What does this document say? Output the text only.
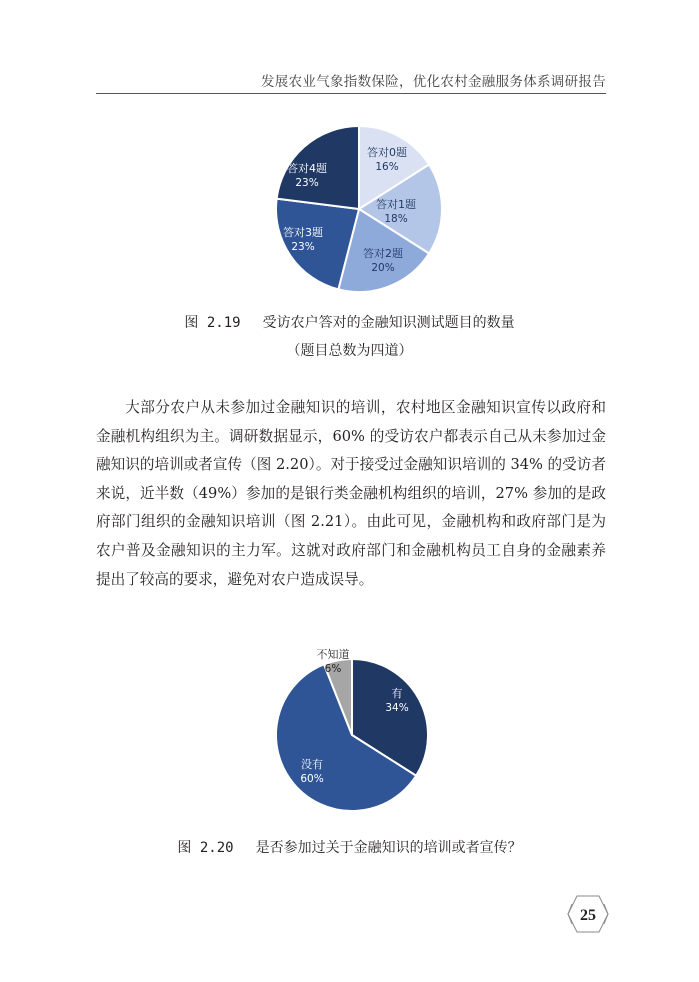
发展农业气象指数保险，优化农村金融服务体系调研报告
答对0题
16%
答对1题
18%
答对2题
20%
答对3题
23%
答对4题
23%
图 2.19 受访农户答对的金融知识测试题目的数量
（题目总数为四道）

大部分农户从未参加过金融知识的培训，农村地区金融知识宣传以政府和金融机构组织为主。调研数据显示，60% 的受访农户都表示自己从未参加过金融知识的培训或者宣传（图 2.20）。对于接受过金融知识培训的 34% 的受访者来说，近半数（49%）参加的是银行类金融机构组织的培训，27% 参加的是政府部门组织的金融知识培训（图 2.21）。由此可见，金融机构和政府部门是为农户普及金融知识的主力军。这就对政府部门和金融机构员工自身的金融素养提出了较高的要求，避免对农户造成误导。

有
34%
没有
60%
不知道
6%
图 2.20 是否参加过关于金融知识的培训或者宣传？
25
